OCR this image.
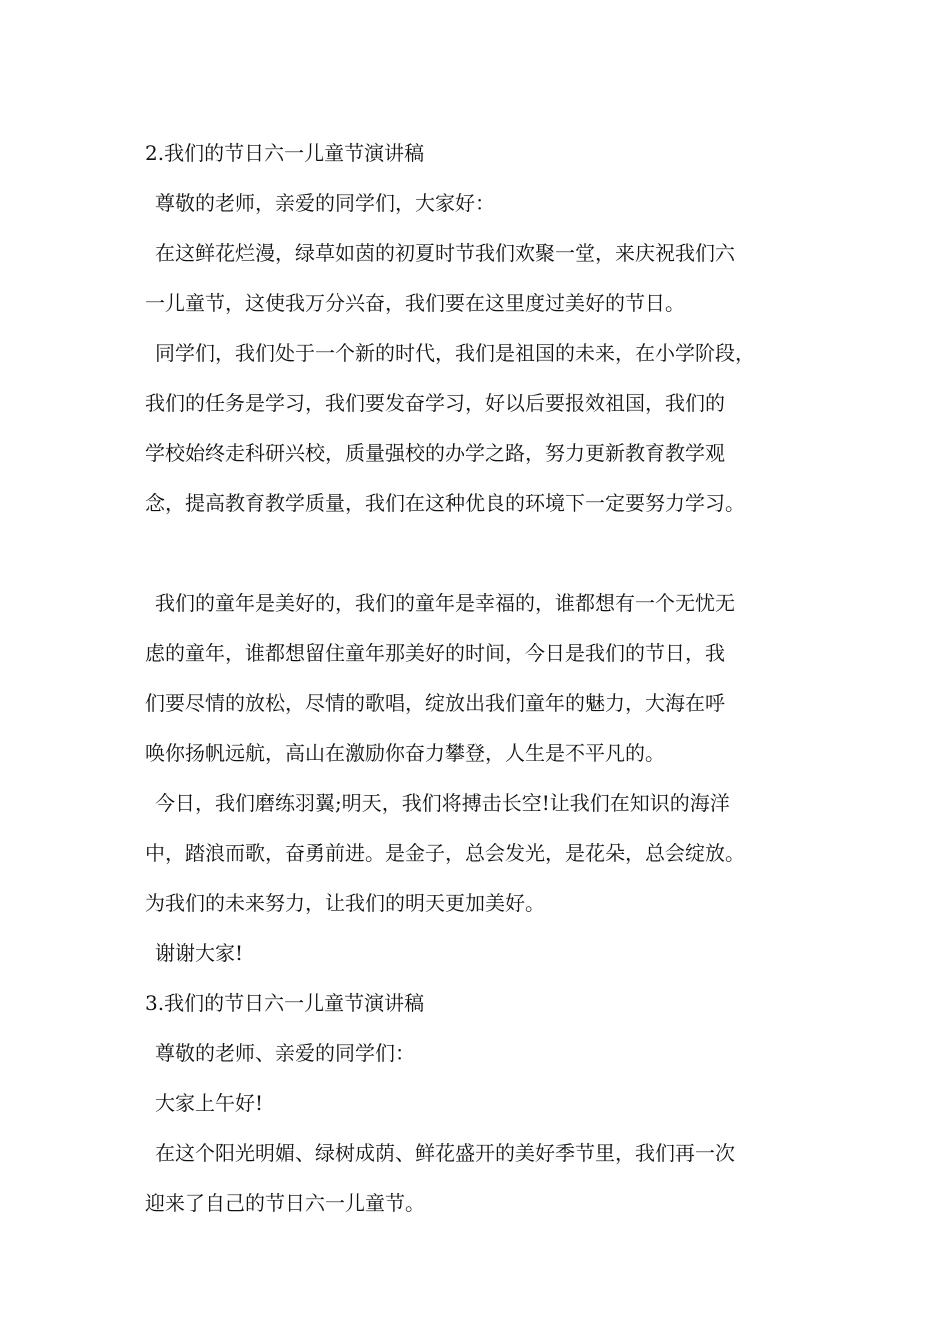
2.我们的节日六一儿童节演讲稿
尊敬的老师，亲爱的同学们，大家好：
在这鲜花烂漫，绿草如茵的初夏时节我们欢聚一堂，来庆祝我们六
一儿童节，这使我万分兴奋，我们要在这里度过美好的节日。
同学们，我们处于一个新的时代，我们是祖国的未来，在小学阶段，
我们的任务是学习，我们要发奋学习，好以后要报效祖国，我们的
学校始终走科研兴校，质量强校的办学之路，努力更新教育教学观
念，提高教育教学质量，我们在这种优良的环境下一定要努力学习。
我们的童年是美好的，我们的童年是幸福的，谁都想有一个无忧无
虑的童年，谁都想留住童年那美好的时间，今日是我们的节日，我
们要尽情的放松，尽情的歌唱，绽放出我们童年的魅力，大海在呼
唤你扬帆远航，高山在激励你奋力攀登，人生是不平凡的。
今日，我们磨练羽翼;明天，我们将搏击长空!让我们在知识的海洋
中，踏浪而歌，奋勇前进。是金子，总会发光，是花朵，总会绽放。
为我们的未来努力，让我们的明天更加美好。
谢谢大家!
3.我们的节日六一儿童节演讲稿
尊敬的老师、亲爱的同学们：
大家上午好!
在这个阳光明媚、绿树成荫、鲜花盛开的美好季节里，我们再一次
迎来了自己的节日六一儿童节。
